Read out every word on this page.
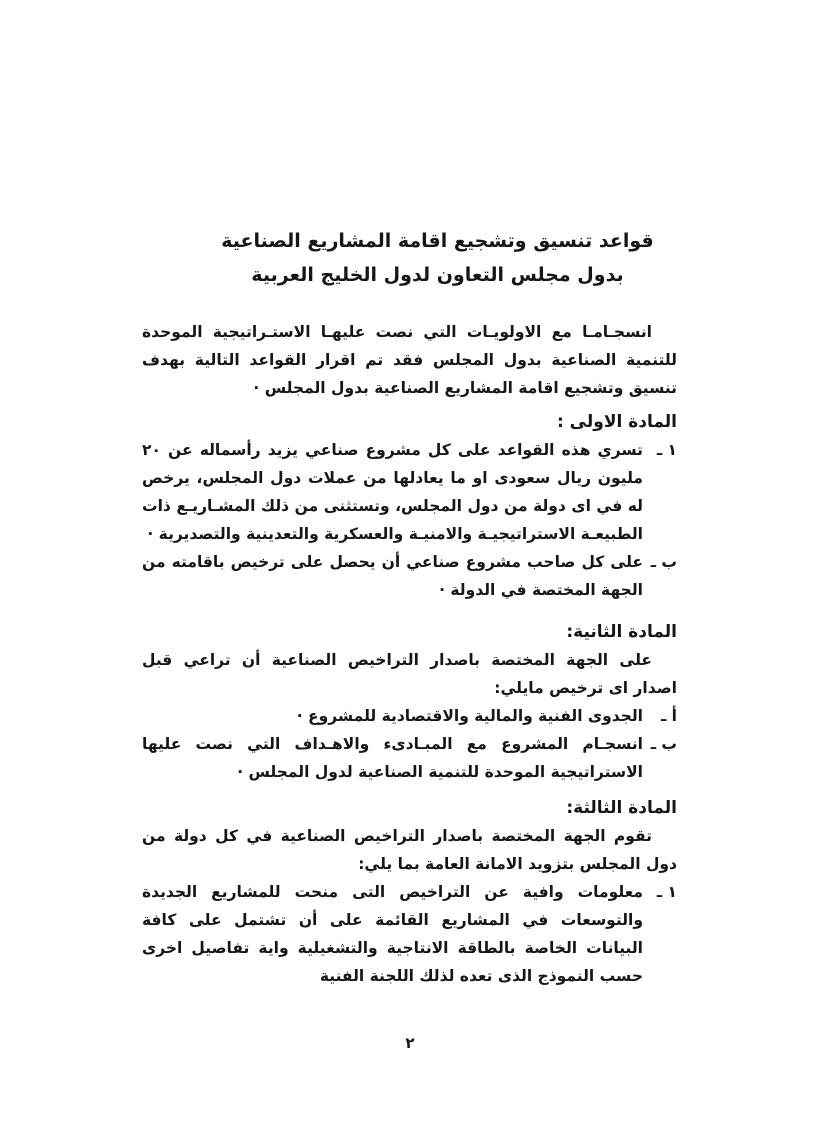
قواعد تنسيق وتشجيع اقامة المشاريع الصناعية
بدول مجلس التعاون لدول الخليج العربية

انسجـامـا مع الاولويـات التي نصت عليهـا الاستـراتيجية الموحدة للتنمية الصناعية بدول المجلس فقد تم اقرار القواعد التالية بهدف تنسيق وتشجيع اقامة المشاريع الصناعية بدول المجلس ·

المادة الاولى :
١ ـ
تسري هذه القواعد على كل مشروع صناعي يزيد رأسماله عن ٢٠ مليون ريال سعودى او ما يعادلها من عملات دول المجلس، يرخص له في اى دولة من دول المجلس، وتستثنى من ذلك المشـاريـع ذات الطبيعـة الاستراتيجيـة والامنيـة والعسكرية والتعدينية والتصديرية ·
ب ـ
على كل صاحب مشروع صناعي أن يحصل على ترخيص باقامته من الجهة المختصة في الدولة ·
المادة الثانية:

على الجهة المختصة باصدار التراخيص الصناعية أن تراعي قبل اصدار اى ترخيص مايلي:

أ ـ
الجدوى الفنية والمالية والاقتصادية للمشروع ·
ب ـ
انسجـام المشروع مع المبـادىء والاهـداف التي نصت عليها الاستراتيجية الموحدة للتنمية الصناعية لدول المجلس ·
المادة الثالثة:

تقوم الجهة المختصة باصدار التراخيص الصناعية في كل دولة من دول المجلس بتزويد الامانة العامة بما يلي:

١ ـ
معلومات وافية عن التراخيص التى منحت للمشاريع الجديدة والتوسعات في المشاريع القائمة على أن تشتمل على كافة البيانات الخاصة بالطاقة الانتاجية والتشغيلية واية تفاصيل اخرى حسب النموذج الذى تعده لذلك اللجنة الفنية
٢
